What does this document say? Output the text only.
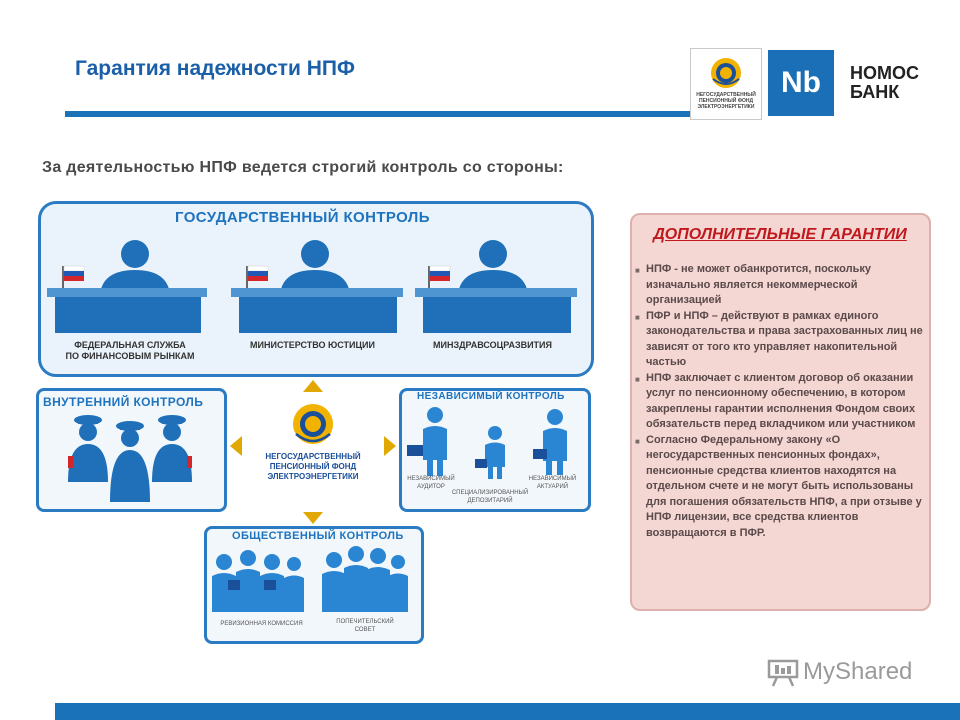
Гарантия надежности НПФ
НЕГОСУДАРСТВЕННЫЙ
ПЕНСИОННЫЙ ФОНД
ЭЛЕКТРОЭНЕРГЕТИКИ
Nb	НОМОС
БАНК
За деятельностью НПФ ведется строгий контроль со стороны:
ГОСУДАРСТВЕННЫЙ КОНТРОЛЬ
ФЕДЕРАЛЬНАЯ СЛУЖБА
ПО ФИНАНСОВЫМ РЫНКАМ
МИНИСТЕРСТВО ЮСТИЦИИ	МИНЗДРАВСОЦРАЗВИТИЯ
ВНУТРЕННИЙ КОНТРОЛЬ
НЕГОСУДАРСТВЕННЫЙ
ПЕНСИОННЫЙ ФОНД
ЭЛЕКТРОЭНЕРГЕТИКИ
НЕЗАВИСИМЫЙ КОНТРОЛЬ
НЕЗАВИСИМЫЙ
АУДИТОР
СПЕЦИАЛИЗИРОВАННЫЙ
ДЕПОЗИТАРИЙ
НЕЗАВИСИМЫЙ
АКТУАРИЙ
ОБЩЕСТВЕННЫЙ КОНТРОЛЬ
РЕВИЗИОННАЯ КОМИССИЯ	ПОПЕЧИТЕЛЬСКИЙ
СОВЕТ
ДОПОЛНИТЕЛЬНЫЕ ГАРАНТИИ
■ НПФ - не может обанкротится, поскольку изначально является некоммерческой организацией
■ ПФР и НПФ – действуют в рамках единого законодательства и права застрахованных лиц не зависят от того кто управляет накопительной частью
■ НПФ заключает с клиентом договор об оказании услуг по пенсионному обеспечению, в котором закреплены гарантии исполнения Фондом своих обязательств перед вкладчиком или участником
■ Согласно Федеральному закону «О негосударственных пенсионных фондах», пенсионные средства клиентов находятся на отдельном счете и не могут быть использованы для погашения обязательств НПФ, а при отзыве у НПФ лицензии, все средства клиентов возвращаются в ПФР.
MyShared
